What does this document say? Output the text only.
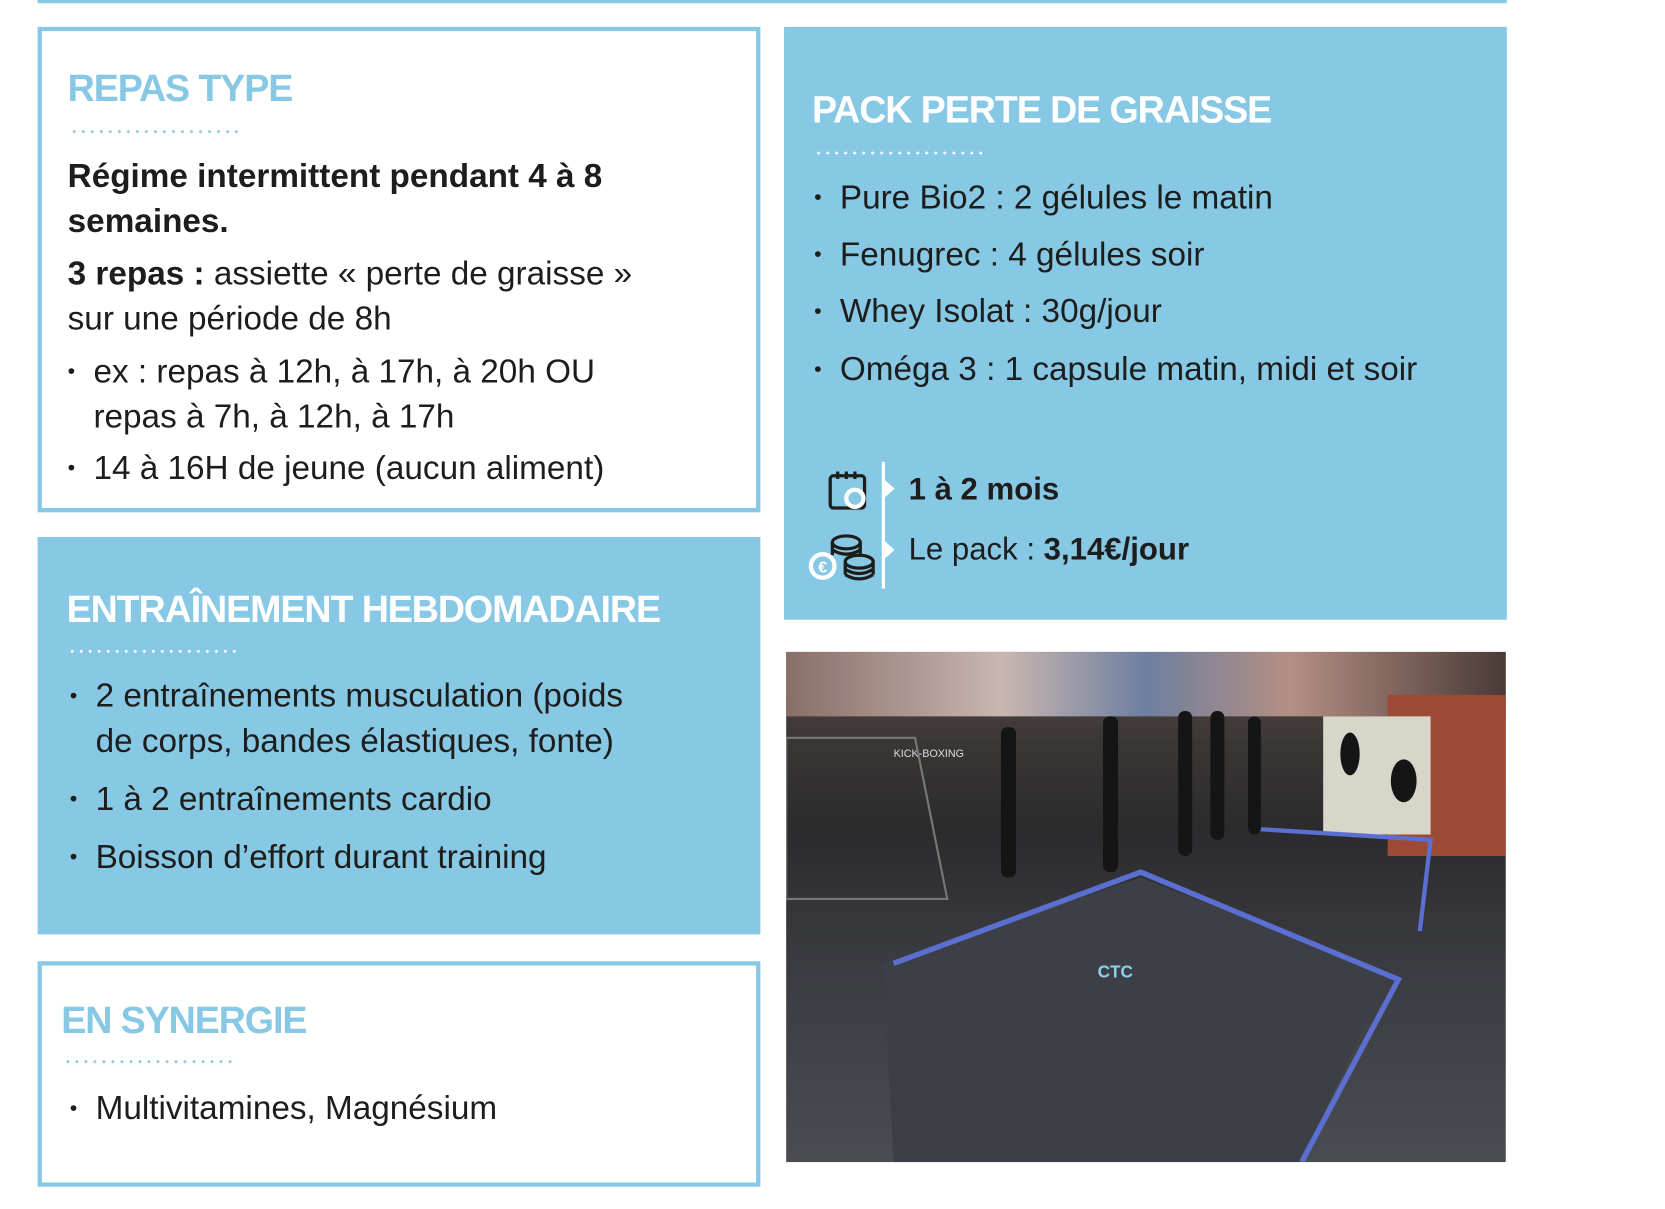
REPAS TYPE
Régime intermittent pendant 4 à 8
semaines.
3 repas : assiette « perte de graisse »
sur une période de 8h
• ex : repas à 12h, à 17h, à 20h OU
repas à 7h, à 12h, à 17h
• 14 à 16H de jeune (aucun aliment)
PACK PERTE DE GRAISSE
• Pure Bio2 : 2 gélules le matin
• Fenugrec : 4 gélules soir
• Whey Isolat : 30g/jour
• Oméga 3 : 1 capsule matin, midi et soir
€
1 à 2 mois
Le pack : 3,14€/jour
ENTRAÎNEMENT HEBDOMADAIRE
• 2 entraînements musculation (poids
de corps, bandes élastiques, fonte)
• 1 à 2 entraînements cardio
• Boisson d’effort durant training
EN SYNERGIE
• Multivitamines, Magnésium
KICK-BOXING
CTC
